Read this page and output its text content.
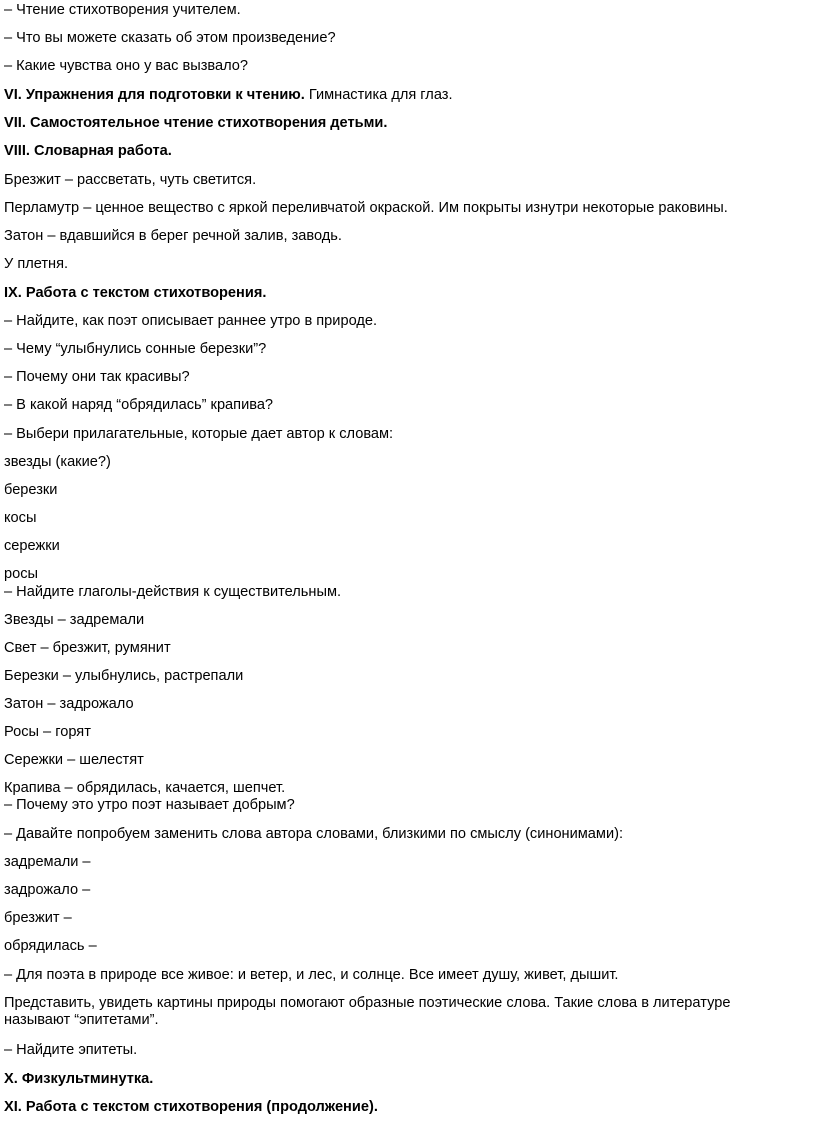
– Чтение стихотворения учителем.
– Что вы можете сказать об этом произведение?
– Какие чувства оно у вас вызвало?
VI. Упражнения для подготовки к чтению. Гимнастика для глаз.
VII. Самостоятельное чтение стихотворения детьми.
VIII. Словарная работа.
Брезжит – рассветать, чуть светится.
Перламутр – ценное вещество с яркой переливчатой окраской. Им покрыты изнутри некоторые раковины.
Затон – вдавшийся в берег речной залив, заводь.
У плетня.
IX. Работа с текстом стихотворения.
– Найдите, как поэт описывает раннее утро в природе.
– Чему “улыбнулись сонные березки”?
– Почему они так красивы?
– В какой наряд “обрядилась” крапива?
– Выбери прилагательные, которые дает автор к словам:
звезды (какие?)
березки
косы
сережки
росы
– Найдите глаголы-действия к существительным.
Звезды – задремали
Свет – брезжит, румянит
Березки – улыбнулись, растрепали
Затон – задрожало
Росы – горят
Сережки – шелестят
Крапива – обрядилась, качается, шепчет.
– Почему это утро поэт называет добрым?
– Давайте попробуем заменить слова автора словами, близкими по смыслу (синонимами):
задремали –
задрожало –
брезжит –
обрядилась –
– Для поэта в природе все живое: и ветер, и лес, и солнце. Все имеет душу, живет, дышит.
Представить, увидеть картины природы помогают образные поэтические слова. Такие слова в литературе называют “эпитетами”.
– Найдите эпитеты.
X. Физкультминутка.
XI. Работа с текстом стихотворения (продолжение).
